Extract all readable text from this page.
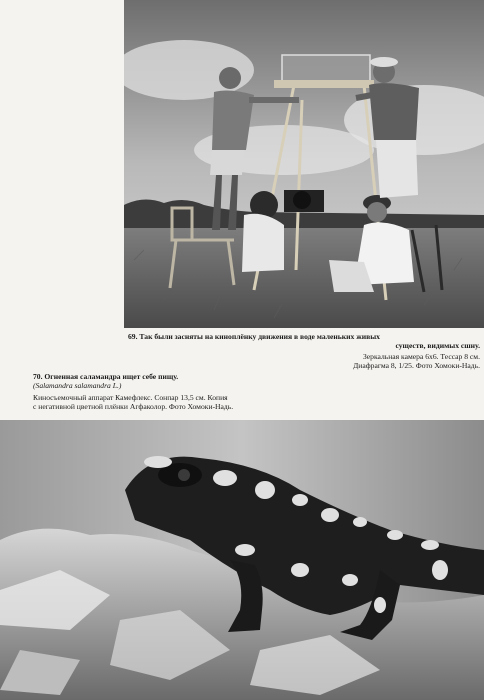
69. Так были засняты на киноплёнку движения в воде маленьких живых
существ, видимых сшну.
Зеркальная камера 6х6. Тессар 8 см.
Диафрагма 8, 1/25. Фото Хомоки-Надь.
70. Огненная саламандра ищет себе пищу.
(Salamandra salamandra L.)
Киносъемочный аппарат Камефлекс. Сонпар 13,5 см. Копия
с негативной цветной плёнки Агфаколор. Фото Хомоки-Надь.
